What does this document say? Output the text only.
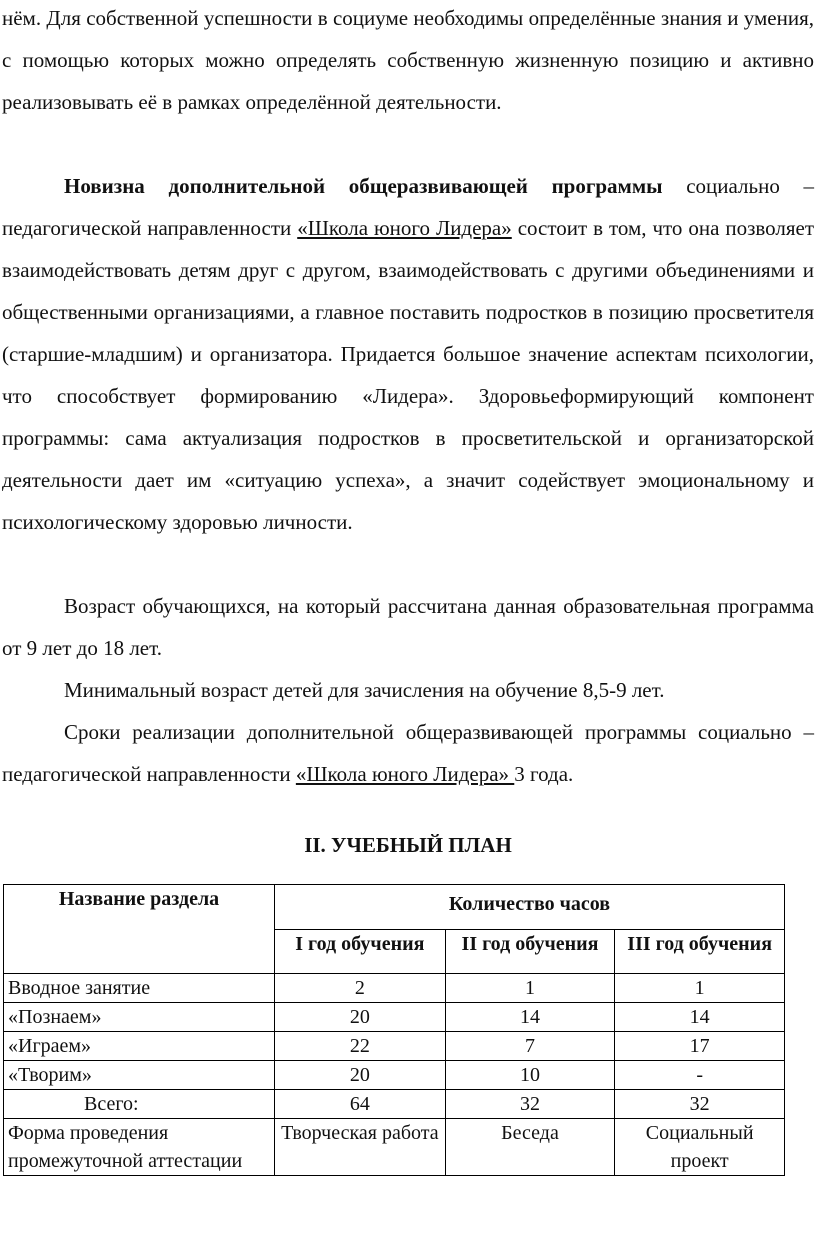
нём. Для собственной успешности в социуме необходимы определённые знания и умения, с помощью которых можно определять собственную жизненную позицию и активно реализовывать её в рамках определённой деятельности.

Новизна дополнительной общеразвивающей программы социально – педагогической направленности «Школа юного Лидера» состоит в том, что она позволяет взаимодействовать детям друг с другом, взаимодействовать с другими объединениями и общественными организациями, а главное поставить подростков в позицию просветителя (старшие-младшим) и организатора. Придается большое значение аспектам психологии, что способствует формированию «Лидера». Здоровьеформирующий компонент программы: сама актуализация подростков в просветительской и организаторской деятельности дает им «ситуацию успеха», а значит содействует эмоциональному и психологическому здоровью личности.

Возраст обучающихся, на который рассчитана данная образовательная программа от 9 лет до 18 лет.

Минимальный возраст детей для зачисления на обучение 8,5-9 лет.

Сроки реализации дополнительной общеразвивающей программы социально – педагогической направленности «Школа юного Лидера» 3 года.

II. УЧЕБНЫЙ ПЛАН
Название раздела	Количество часов		
	I год обучения	II год обучения	III год обучения
Вводное занятие	2	1	1
«Познаем»	20	14	14
«Играем»	22	7	17
«Творим»	20	10	-
Всего:	64	32	32
Форма проведения промежуточной аттестации	Творческая работа	Беседа	Социальный проект
